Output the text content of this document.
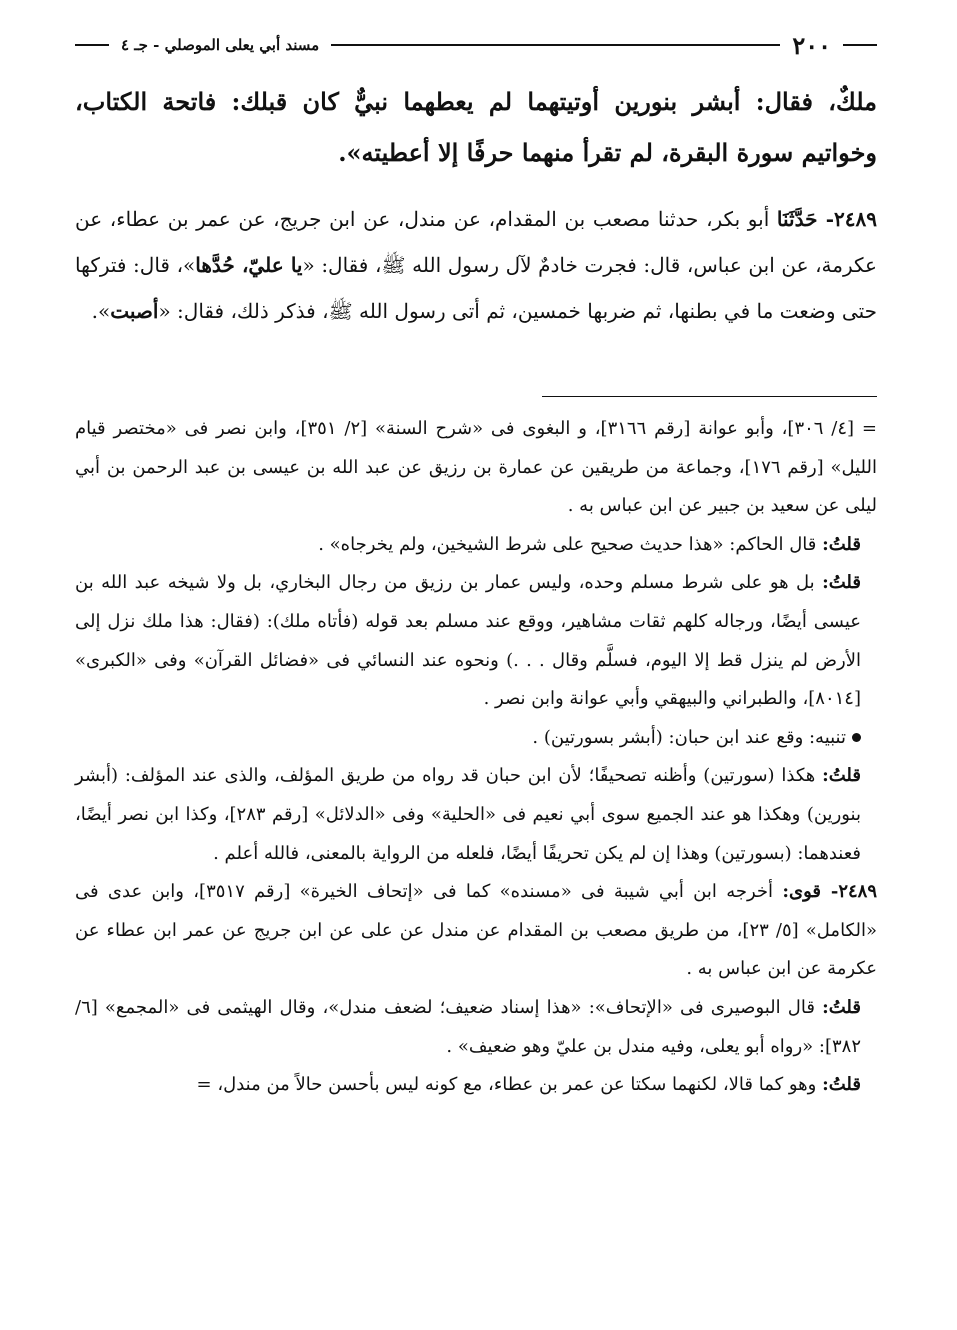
٢٠٠
مسند أبي يعلى الموصلي - جـ ٤
ملكٌ، فقال: أبشر بنورين أوتيتهما لم يعطهما نبيٌّ كان قبلك: فاتحة الكتاب، وخواتيم سورة البقرة، لم تقرأ منهما حرفًا إلا أعطيته».
٢٤٨٩- حَدَّثَنَا أبو بكر، حدثنا مصعب بن المقدام، عن مندل، عن ابن جريج، عن عمر بن عطاء، عن عكرمة، عن ابن عباس، قال: فجرت خادمٌ لآل رسول الله ﷺ، فقال: «يا عليّ، حُدَّها»، قال: فتركها حتى وضعت ما في بطنها، ثم ضربها خمسين، ثم أتى رسول الله ﷺ، فذكر ذلك، فقال: «أصبت».

= [٤/ ٣٠٦]، وأبو عوانة [رقم ٣١٦٦]، و البغوى فى «شرح السنة» [٢/ ٣٥١]، وابن نصر فى «مختصر قيام الليل» [رقم ١٧٦]، وجماعة من طريقين عن عمارة بن رزيق عن عبد الله بن عيسى بن عبد الرحمن بن أبي ليلى عن سعيد بن جبير عن ابن عباس به .

قلتُ: قال الحاكم: «هذا حديث صحيح على شرط الشيخين، ولم يخرجاه» .

قلتُ: بل هو على شرط مسلم وحده، وليس عمار بن رزيق من رجال البخاري، بل ولا شيخه عبد الله بن عيسى أيضًا، ورجاله كلهم ثقات مشاهير، ووقع عند مسلم بعد قوله (فأتاه ملك): (فقال: هذا ملك نزل إلى الأرض لم ينزل قط إلا اليوم، فسلَّم وقال . . .) ونحوه عند النسائي فى «فضائل القرآن» وفى «الكبرى» [٨٠١٤]، والطبراني والبيهقي وأبي عوانة وابن نصر .

تنبيه: وقع عند ابن حبان: (أبشر بسورتين) .

قلتُ: هكذا (سورتين) وأظنه تصحيفًا؛ لأن ابن حبان قد رواه من طريق المؤلف، والذى عند المؤلف: (أبشر بنورين) وهكذا هو عند الجميع سوى أبي نعيم فى «الحلية» وفى «الدلائل» [رقم ٢٨٣]، وكذا ابن نصر أيضًا، فعندهما: (بسورتين) وهذا إن لم يكن تحريفًا أيضًا، فلعله من الرواية بالمعنى، فالله أعلم .

٢٤٨٩- قوى: أخرجه ابن أبي شيبة فى «مسنده» كما فى «إتحاف الخيرة» [رقم ٣٥١٧]، وابن عدى فى «الكامل» [٥/ ٢٣]، من طريق مصعب بن المقدام عن مندل عن على عن ابن جريج عن عمر ابن عطاء عن عكرمة عن ابن عباس به .

قلتُ: قال البوصيرى فى «الإتحاف»: «هذا إسناد ضعيف؛ لضعف مندل»، وقال الهيثمى فى «المجمع» [٦/ ٣٨٢]: «رواه أبو يعلى، وفيه مندل بن عليّ وهو ضعيف» .

قلتُ: وهو كما قالا، لكنهما سكتا عن عمر بن عطاء، مع كونه ليس بأحسن حالاً من مندل، =
